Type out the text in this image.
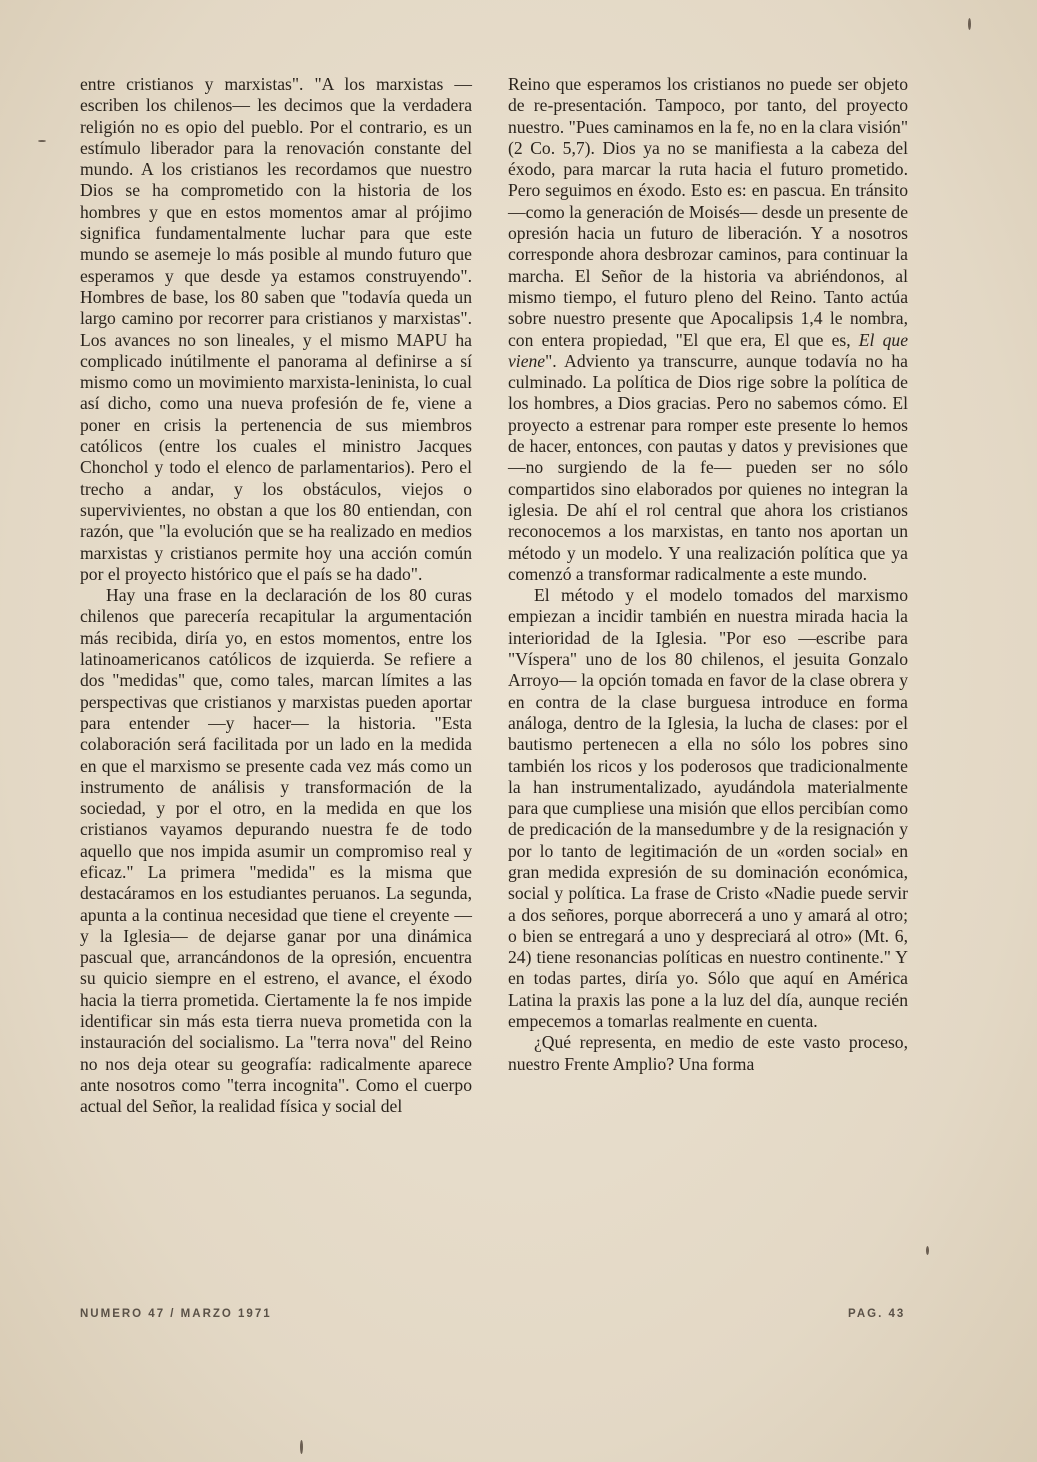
entre cristianos y marxistas". "A los marxistas —escriben los chilenos— les decimos que la verdadera religión no es opio del pueblo. Por el contrario, es un estímulo liberador para la renovación constante del mundo. A los cristianos les recordamos que nuestro Dios se ha comprometido con la historia de los hombres y que en estos momentos amar al prójimo significa fundamentalmente luchar para que este mundo se asemeje lo más posible al mundo futuro que esperamos y que desde ya estamos construyendo". Hombres de base, los 80 saben que "todavía queda un largo camino por recorrer para cristianos y marxistas". Los avances no son lineales, y el mismo MAPU ha complicado inútilmente el panorama al definirse a sí mismo como un movimiento marxista-leninista, lo cual así dicho, como una nueva profesión de fe, viene a poner en crisis la pertenencia de sus miembros católicos (entre los cuales el ministro Jacques Chonchol y todo el elenco de parlamentarios). Pero el trecho a andar, y los obstáculos, viejos o supervivientes, no obstan a que los 80 entiendan, con razón, que "la evolución que se ha realizado en medios marxistas y cristianos permite hoy una acción común por el proyecto histórico que el país se ha dado".

Hay una frase en la declaración de los 80 curas chilenos que parecería recapitular la argumentación más recibida, diría yo, en estos momentos, entre los latinoamericanos católicos de izquierda. Se refiere a dos "medidas" que, como tales, marcan límites a las perspectivas que cristianos y marxistas pueden aportar para entender —y hacer— la historia. "Esta colaboración será facilitada por un lado en la medida en que el marxismo se presente cada vez más como un instrumento de análisis y transformación de la sociedad, y por el otro, en la medida en que los cristianos vayamos depurando nuestra fe de todo aquello que nos impida asumir un compromiso real y eficaz." La primera "medida" es la misma que destacáramos en los estudiantes peruanos. La segunda, apunta a la continua necesidad que tiene el creyente —y la Iglesia— de dejarse ganar por una dinámica pascual que, arrancándonos de la opresión, encuentra su quicio siempre en el estreno, el avance, el éxodo hacia la tierra prometida. Ciertamente la fe nos impide identificar sin más esta tierra nueva prometida con la instauración del socialismo. La "terra nova" del Reino no nos deja otear su geografía: radicalmente aparece ante nosotros como "terra incognita". Como el cuerpo actual del Señor, la realidad física y social del

Reino que esperamos los cristianos no puede ser objeto de re-presentación. Tampoco, por tanto, del proyecto nuestro. "Pues caminamos en la fe, no en la clara visión" (2 Co. 5,7). Dios ya no se manifiesta a la cabeza del éxodo, para marcar la ruta hacia el futuro prometido. Pero seguimos en éxodo. Esto es: en pascua. En tránsito —como la generación de Moisés— desde un presente de opresión hacia un futuro de liberación. Y a nosotros corresponde ahora desbrozar caminos, para continuar la marcha. El Señor de la historia va abriéndonos, al mismo tiempo, el futuro pleno del Reino. Tanto actúa sobre nuestro presente que Apocalipsis 1,4 le nombra, con entera propiedad, "El que era, El que es, El que viene". Adviento ya transcurre, aunque todavía no ha culminado. La política de Dios rige sobre la política de los hombres, a Dios gracias. Pero no sabemos cómo. El proyecto a estrenar para romper este presente lo hemos de hacer, entonces, con pautas y datos y previsiones que —no surgiendo de la fe— pueden ser no sólo compartidos sino elaborados por quienes no integran la iglesia. De ahí el rol central que ahora los cristianos reconocemos a los marxistas, en tanto nos aportan un método y un modelo. Y una realización política que ya comenzó a transformar radicalmente a este mundo.

El método y el modelo tomados del marxismo empiezan a incidir también en nuestra mirada hacia la interioridad de la Iglesia. "Por eso —escribe para "Víspera" uno de los 80 chilenos, el jesuita Gonzalo Arroyo— la opción tomada en favor de la clase obrera y en contra de la clase burguesa introduce en forma análoga, dentro de la Iglesia, la lucha de clases: por el bautismo pertenecen a ella no sólo los pobres sino también los ricos y los poderosos que tradicionalmente la han instrumentalizado, ayudándola materialmente para que cumpliese una misión que ellos percibían como de predicación de la mansedumbre y de la resignación y por lo tanto de legitimación de un «orden social» en gran medida expresión de su dominación económica, social y política. La frase de Cristo «Nadie puede servir a dos señores, porque aborrecerá a uno y amará al otro; o bien se entregará a uno y despreciará al otro» (Mt. 6, 24) tiene resonancias políticas en nuestro continente." Y en todas partes, diría yo. Sólo que aquí en América Latina la praxis las pone a la luz del día, aunque recién empecemos a tomarlas realmente en cuenta.

¿Qué representa, en medio de este vasto proceso, nuestro Frente Amplio? Una forma

NUMERO 47 / MARZO 1971	PAG. 43
